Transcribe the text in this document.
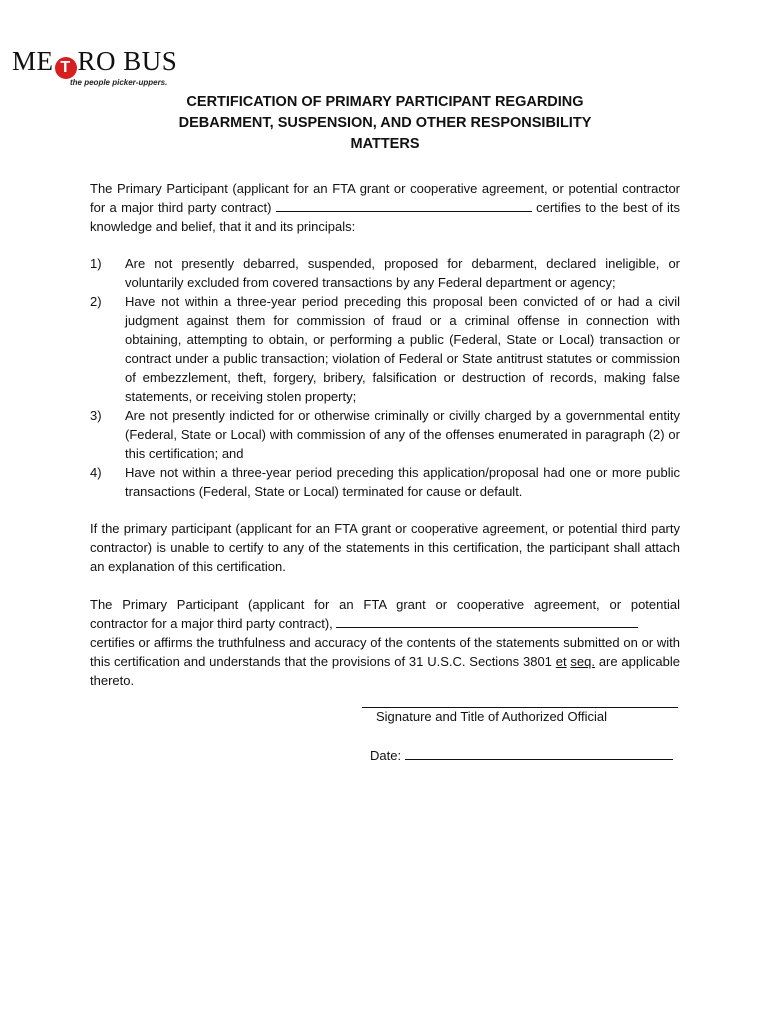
ME T RO BUS
the people picker-uppers.
CERTIFICATION OF PRIMARY PARTICIPANT REGARDING
DEBARMENT, SUSPENSION, AND OTHER RESPONSIBILITY
MATTERS
The Primary Participant (applicant for an FTA grant or cooperative agreement, or potential contractor for a major third party contract)	certifies to the best of its knowledge and belief, that it and its principals:
1) Are not presently debarred, suspended, proposed for debarment, declared ineligible, or voluntarily excluded from covered transactions by any Federal department or agency;
2) Have not within a three-year period preceding this proposal been convicted of or had a civil judgment against them for commission of fraud or a criminal offense in connection with obtaining, attempting to obtain, or performing a public (Federal, State or Local) transaction or contract under a public transaction; violation of Federal or State antitrust statutes or commission of embezzlement, theft, forgery, bribery, falsification or destruction of records, making false statements, or receiving stolen property;
3) Are not presently indicted for or otherwise criminally or civilly charged by a governmental entity (Federal, State or Local) with commission of any of the offenses enumerated in paragraph (2) or this certification; and
4) Have not within a three-year period preceding this application/proposal had one or more public transactions (Federal, State or Local) terminated for cause or default.
If the primary participant (applicant for an FTA grant or cooperative agreement, or potential third party contractor) is unable to certify to any of the statements in this certification, the participant shall attach an explanation of this certification.
The Primary Participant (applicant for an FTA grant or cooperative agreement, or potential
contractor for a major third party contract),
certifies or affirms the truthfulness and accuracy of the contents of the statements submitted on or with this certification and understands that the provisions of 31 U.S.C. Sections 3801 et seq. are applicable thereto.
Signature and Title of Authorized Official
Date:
